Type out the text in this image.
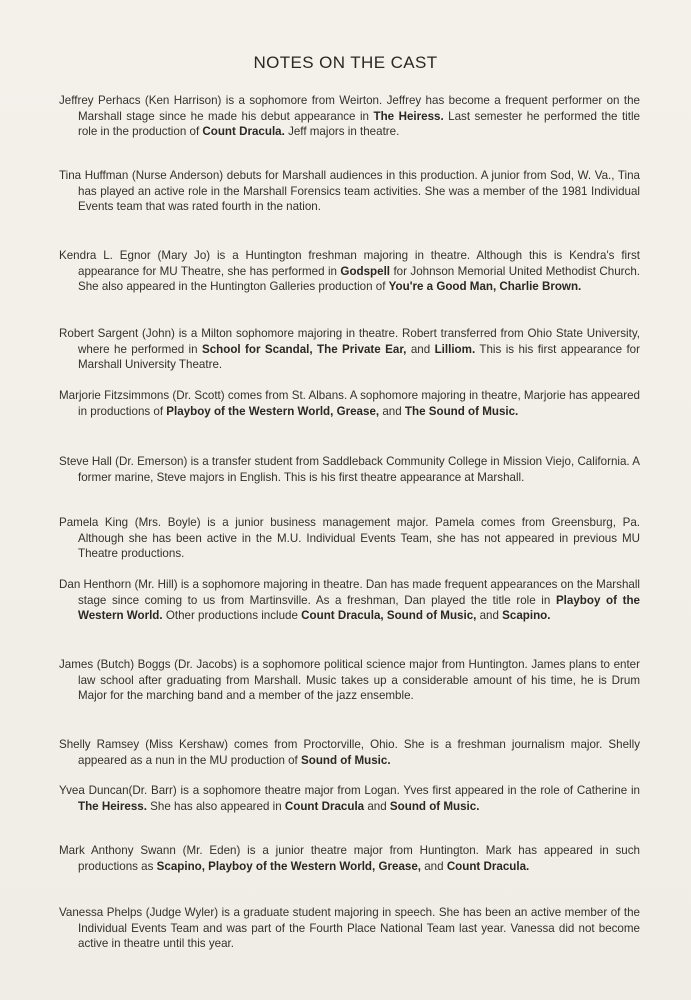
NOTES ON THE CAST

Jeffrey Perhacs (Ken Harrison) is a sophomore from Weirton. Jeffrey has become a frequent performer on the Marshall stage since he made his debut appearance in The Heiress. Last semester he performed the title role in the production of Count Dracula. Jeff majors in theatre.

Tina Huffman (Nurse Anderson) debuts for Marshall audiences in this production. A junior from Sod, W. Va., Tina has played an active role in the Marshall Forensics team activities. She was a member of the 1981 Individual Events team that was rated fourth in the nation.

Kendra L. Egnor (Mary Jo) is a Huntington freshman majoring in theatre. Although this is Kendra's first appearance for MU Theatre, she has performed in Godspell for Johnson Memorial United Methodist Church. She also appeared in the Huntington Galleries production of You're a Good Man, Charlie Brown.

Robert Sargent (John) is a Milton sophomore majoring in theatre. Robert transferred from Ohio State University, where he performed in School for Scandal, The Private Ear, and Lilliom. This is his first appearance for Marshall University Theatre.

Marjorie Fitzsimmons (Dr. Scott) comes from St. Albans. A sophomore majoring in theatre, Marjorie has appeared in productions of Playboy of the Western World, Grease, and The Sound of Music.

Steve Hall (Dr. Emerson) is a transfer student from Saddleback Community College in Mission Viejo, California. A former marine, Steve majors in English. This is his first theatre appearance at Marshall.

Pamela King (Mrs. Boyle) is a junior business management major. Pamela comes from Greensburg, Pa. Although she has been active in the M.U. Individual Events Team, she has not appeared in previous MU Theatre productions.

Dan Henthorn (Mr. Hill) is a sophomore majoring in theatre. Dan has made frequent appearances on the Marshall stage since coming to us from Martinsville. As a freshman, Dan played the title role in Playboy of the Western World. Other productions include Count Dracula, Sound of Music, and Scapino.

James (Butch) Boggs (Dr. Jacobs) is a sophomore political science major from Huntington. James plans to enter law school after graduating from Marshall. Music takes up a considerable amount of his time, he is Drum Major for the marching band and a member of the jazz ensemble.

Shelly Ramsey (Miss Kershaw) comes from Proctorville, Ohio. She is a freshman journalism major. Shelly appeared as a nun in the MU production of Sound of Music.

Yvea Duncan(Dr. Barr) is a sophomore theatre major from Logan. Yves first appeared in the role of Catherine in The Heiress. She has also appeared in Count Dracula and Sound of Music.

Mark Anthony Swann (Mr. Eden) is a junior theatre major from Huntington. Mark has appeared in such productions as Scapino, Playboy of the Western World, Grease, and Count Dracula.

Vanessa Phelps (Judge Wyler) is a graduate student majoring in speech. She has been an active member of the Individual Events Team and was part of the Fourth Place National Team last year. Vanessa did not become active in theatre until this year.
